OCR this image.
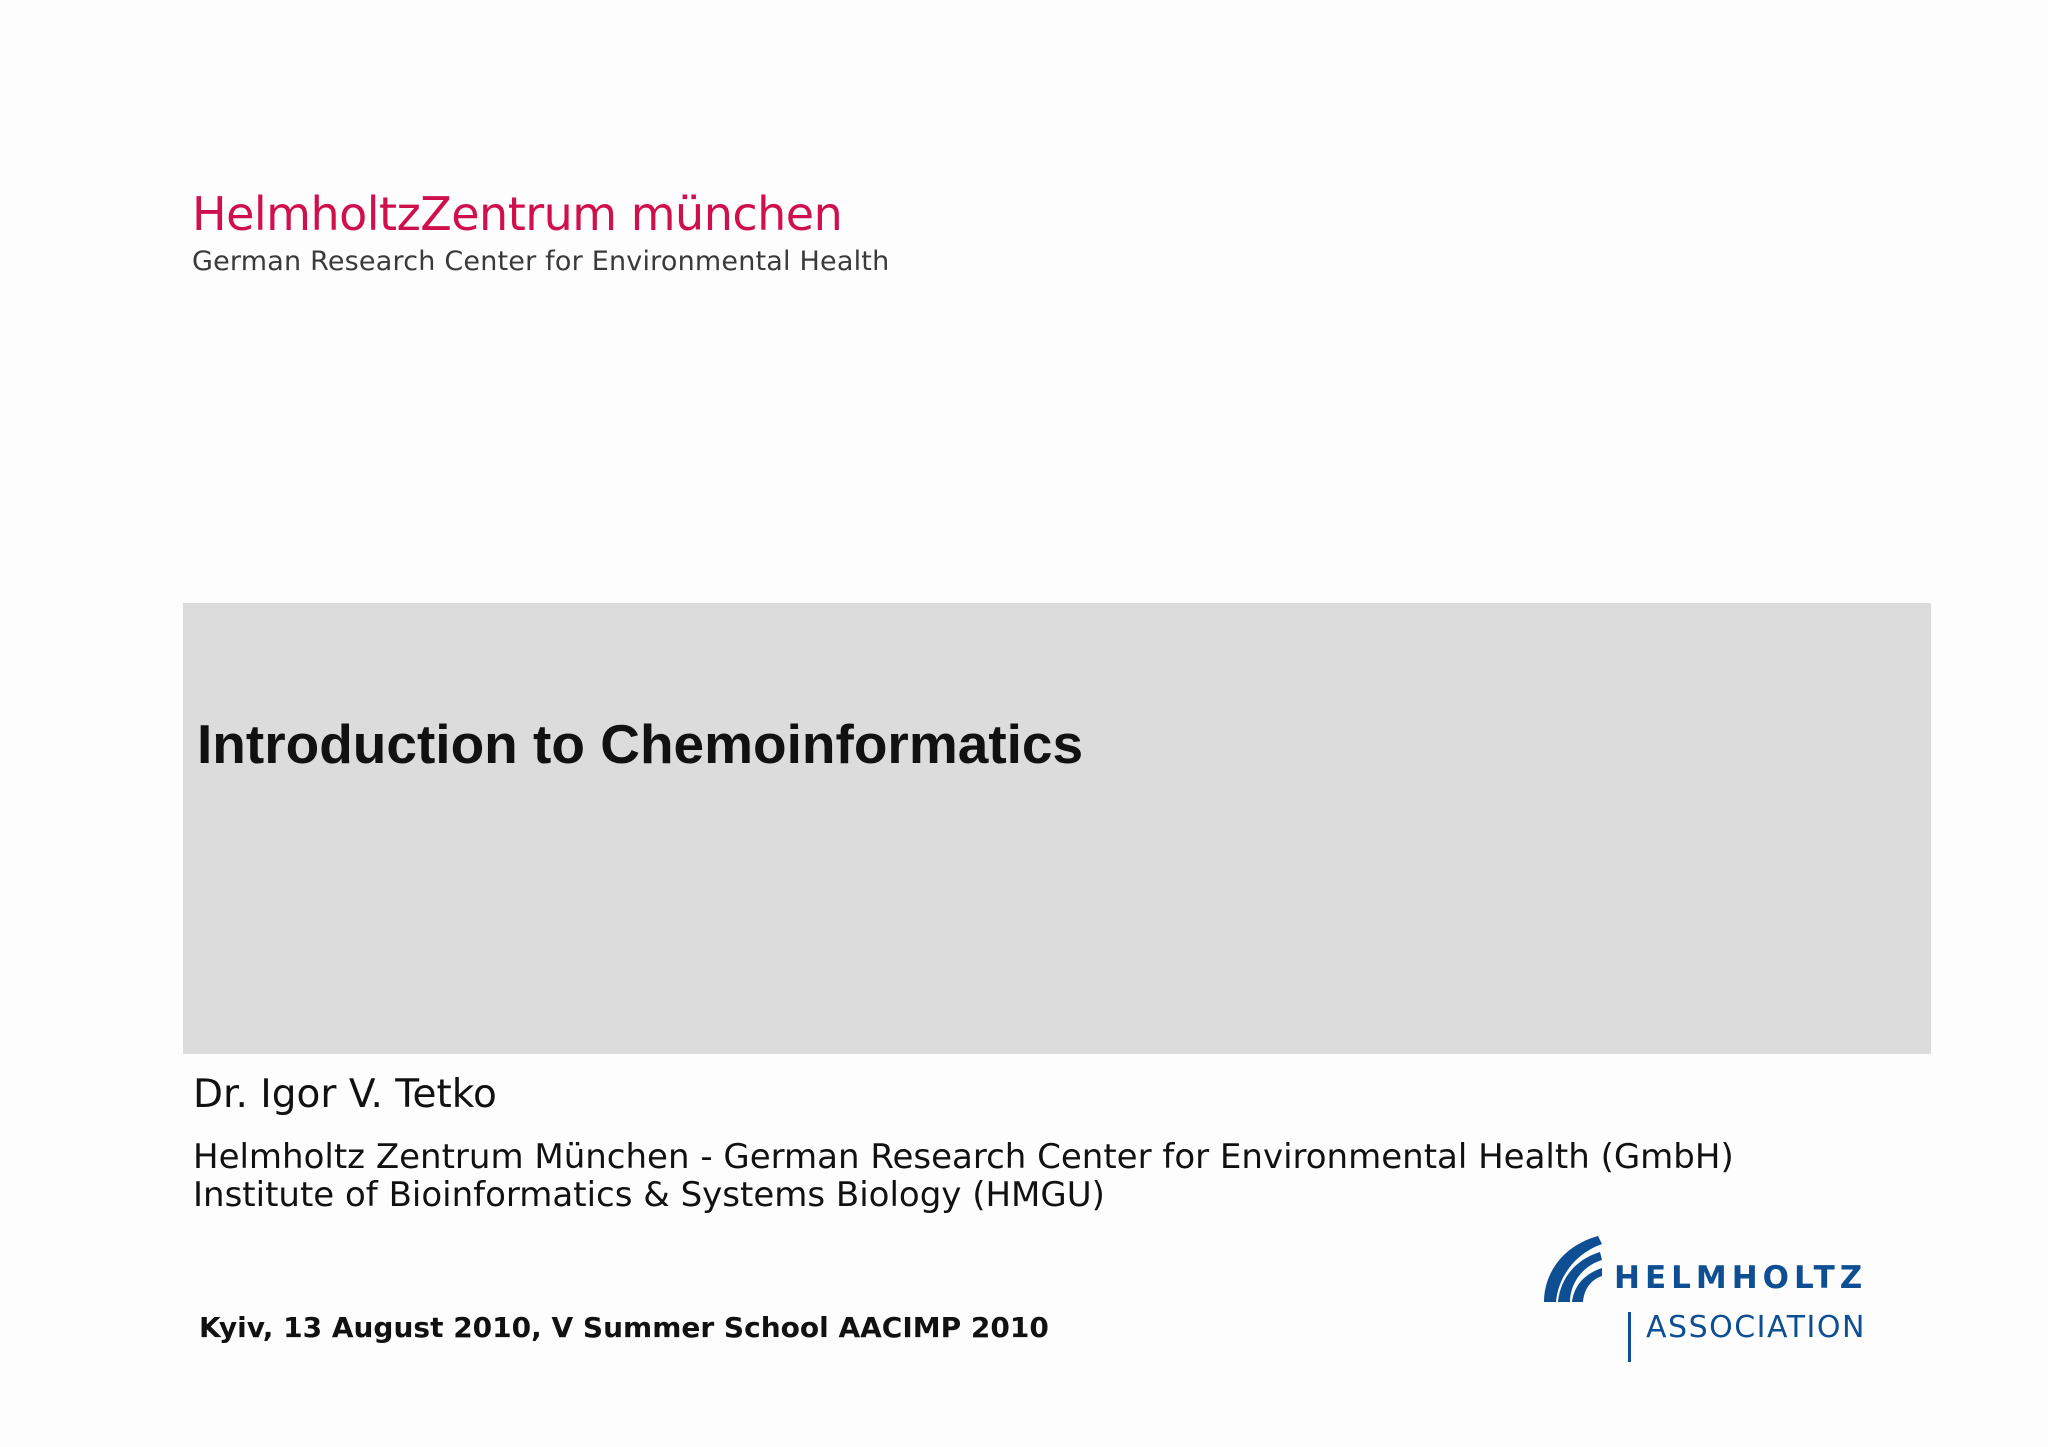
HelmholtzZentrum münchen
German Research Center for Environmental Health
Introduction to Chemoinformatics
Dr. Igor V. Tetko
Helmholtz Zentrum München - German Research Center for Environmental Health (GmbH)
Institute of Bioinformatics & Systems Biology (HMGU)
Kyiv, 13 August 2010, V Summer School AACIMP 2010
HELMHOLTZ
ASSOCIATION
